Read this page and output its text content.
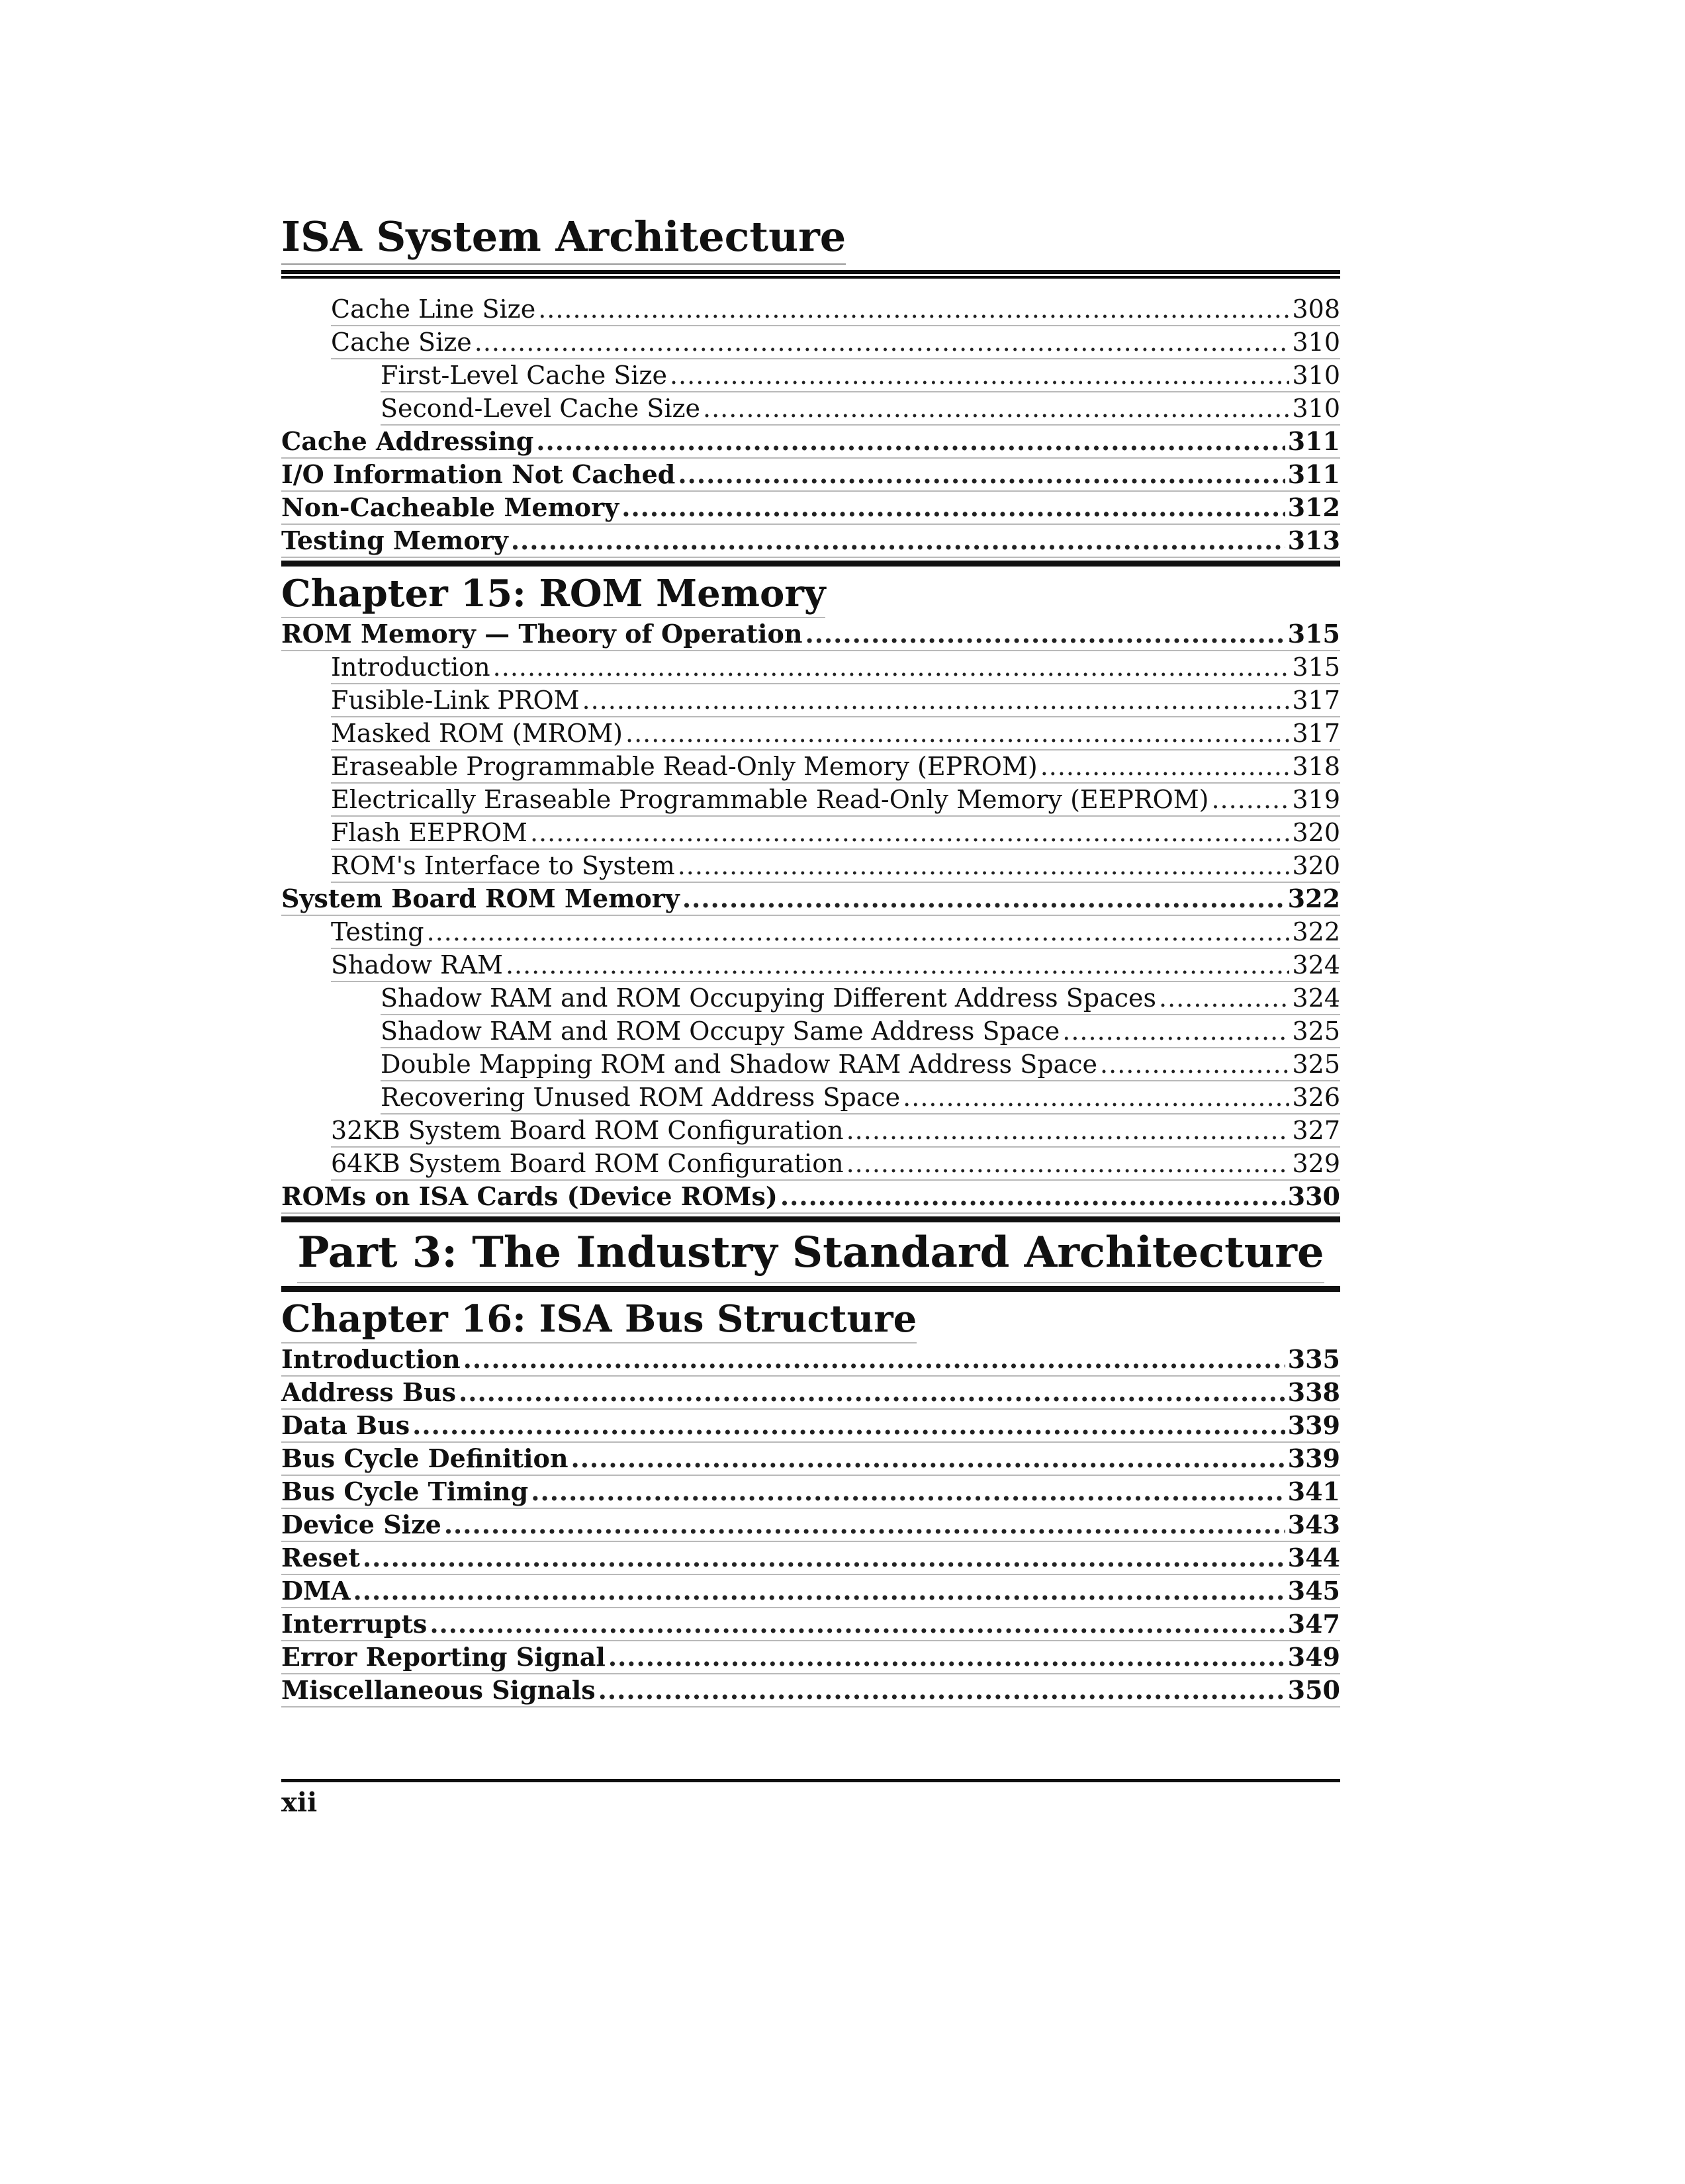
ISA System Architecture
Cache Line Size .....	308
Cache Size .....	310
First-Level Cache Size .....	310
Second-Level Cache Size .....	310
Cache Addressing .....	311
I/O Information Not Cached .....	311
Non-Cacheable Memory .....	312
Testing Memory .....	313
Chapter 15: ROM Memory
ROM Memory — Theory of Operation .....	315
Introduction .....	315
Fusible-Link PROM .....	317
Masked ROM (MROM) .....	317
Eraseable Programmable Read-Only Memory (EPROM) .....	318
Electrically Eraseable Programmable Read-Only Memory (EEPROM) .....	319
Flash EEPROM .....	320
ROM's Interface to System .....	320
System Board ROM Memory .....	322
Testing .....	322
Shadow RAM .....	324
Shadow RAM and ROM Occupying Different Address Spaces .....	324
Shadow RAM and ROM Occupy Same Address Space .....	325
Double Mapping ROM and Shadow RAM Address Space .....	325
Recovering Unused ROM Address Space .....	326
32KB System Board ROM Configuration .....	327
64KB System Board ROM Configuration .....	329
ROMs on ISA Cards (Device ROMs) .....	330
Part 3: The Industry Standard Architecture
Chapter 16: ISA Bus Structure
Introduction .....	335
Address Bus .....	338
Data Bus .....	339
Bus Cycle Definition .....	339
Bus Cycle Timing .....	341
Device Size .....	343
Reset .....	344
DMA .....	345
Interrupts .....	347
Error Reporting Signal .....	349
Miscellaneous Signals .....	350
xii
